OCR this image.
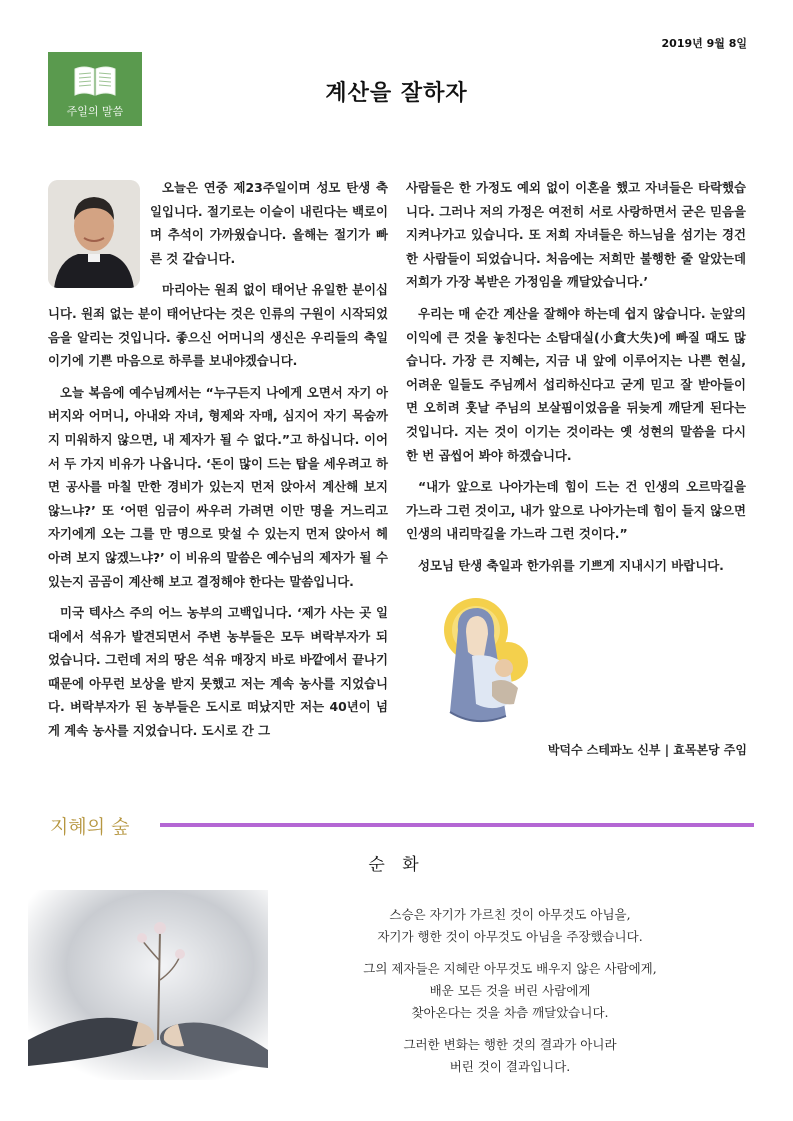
2019년 9월 8일
주일의 말씀
계산을 잘하자

오늘은 연중 제23주일이며 성모 탄생 축일입니다. 절기로는 이슬이 내린다는 백로이며 추석이 가까웠습니다. 올해는 절기가 빠른 것 같습니다.

마리아는 원죄 없이 태어난 유일한 분이십니다. 원죄 없는 분이 태어난다는 것은 인류의 구원이 시작되었음을 알리는 것입니다. 좋으신 어머니의 생신은 우리들의 축일이기에 기쁜 마음으로 하루를 보내야겠습니다.

오늘 복음에 예수님께서는 “누구든지 나에게 오면서 자기 아버지와 어머니, 아내와 자녀, 형제와 자매, 심지어 자기 목숨까지 미워하지 않으면, 내 제자가 될 수 없다.”고 하십니다. 이어서 두 가지 비유가 나옵니다. ‘돈이 많이 드는 탑을 세우려고 하면 공사를 마칠 만한 경비가 있는지 먼저 앉아서 계산해 보지 않느냐?’ 또 ‘어떤 임금이 싸우러 가려면 이만 명을 거느리고 자기에게 오는 그를 만 명으로 맞설 수 있는지 먼저 앉아서 헤아려 보지 않겠느냐?’ 이 비유의 말씀은 예수님의 제자가 될 수 있는지 곰곰이 계산해 보고 결정해야 한다는 말씀입니다.

미국 텍사스 주의 어느 농부의 고백입니다. ‘제가 사는 곳 일대에서 석유가 발견되면서 주변 농부들은 모두 벼락부자가 되었습니다. 그런데 저의 땅은 석유 매장지 바로 바깥에서 끝나기 때문에 아무런 보상을 받지 못했고 저는 계속 농사를 지었습니다. 벼락부자가 된 농부들은 도시로 떠났지만 저는 40년이 넘게 계속 농사를 지었습니다. 도시로 간 그

사람들은 한 가정도 예외 없이 이혼을 했고 자녀들은 타락했습니다. 그러나 저의 가정은 여전히 서로 사랑하면서 굳은 믿음을 지켜나가고 있습니다. 또 저희 자녀들은 하느님을 섬기는 경건한 사람들이 되었습니다. 처음에는 저희만 불행한 줄 알았는데 저희가 가장 복받은 가정임을 깨달았습니다.’

우리는 매 순간 계산을 잘해야 하는데 쉽지 않습니다. 눈앞의 이익에 큰 것을 놓친다는 소탐대실(小貪大失)에 빠질 때도 많습니다. 가장 큰 지혜는, 지금 내 앞에 이루어지는 나쁜 현실, 어려운 일들도 주님께서 섭리하신다고 굳게 믿고 잘 받아들이면 오히려 훗날 주님의 보살핌이었음을 뒤늦게 깨닫게 된다는 것입니다. 지는 것이 이기는 것이라는 옛 성현의 말씀을 다시 한 번 곱씹어 봐야 하겠습니다.

“내가 앞으로 나아가는데 힘이 드는 건 인생의 오르막길을 가느라 그런 것이고, 내가 앞으로 나아가는데 힘이 들지 않으면 인생의 내리막길을 가느라 그런 것이다.”

성모님 탄생 축일과 한가위를 기쁘게 지내시기 바랍니다.

박덕수 스테파노 신부 | 효목본당 주임
지혜의 숲
순 화
스승은 자기가 가르친 것이 아무것도 아님을,
자기가 행한 것이 아무것도 아님을 주장했습니다.
그의 제자들은 지혜란 아무것도 배우지 않은 사람에게,
배운 모든 것을 버린 사람에게
찾아온다는 것을 차츰 깨달았습니다.
그러한 변화는 행한 것의 결과가 아니라
버린 것이 결과입니다.
